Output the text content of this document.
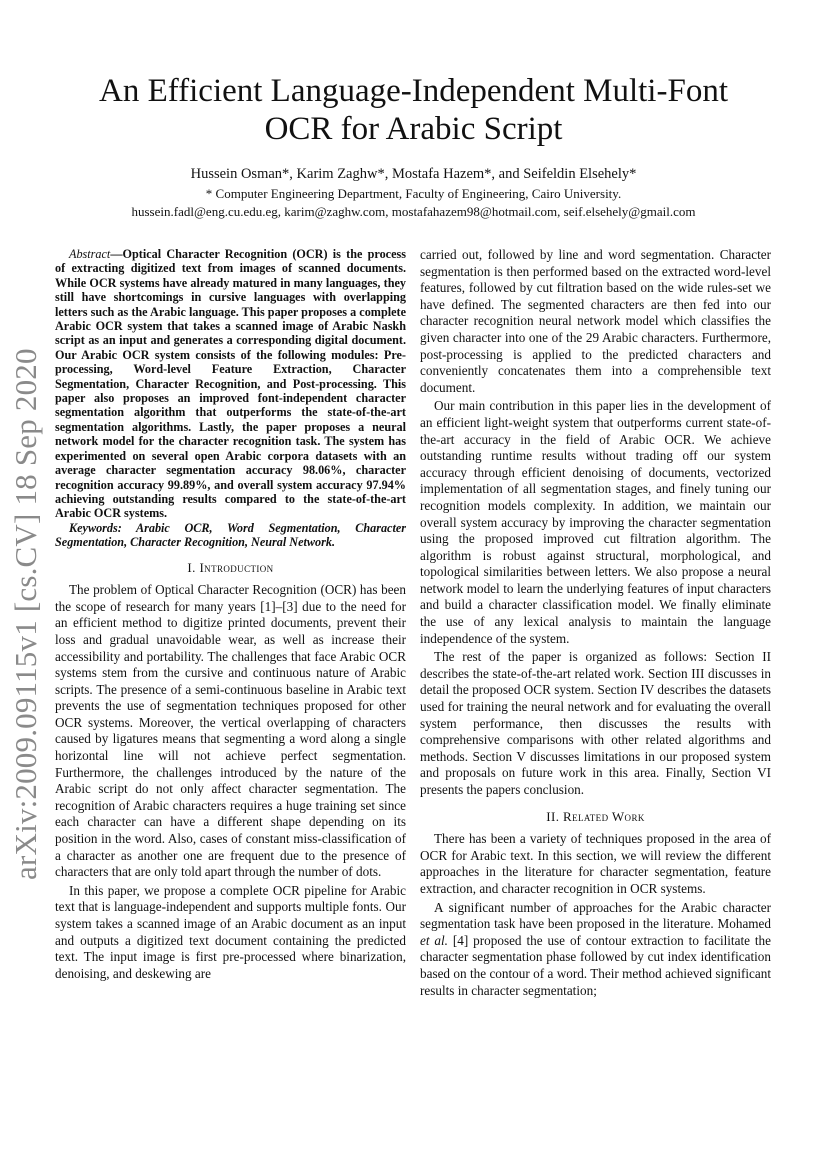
arXiv:2009.09115v1 [cs.CV] 18 Sep 2020
An Efficient Language-Independent Multi-Font
OCR for Arabic Script
Hussein Osman*, Karim Zaghw*, Mostafa Hazem*, and Seifeldin Elsehely*
* Computer Engineering Department, Faculty of Engineering, Cairo University.
hussein.fadl@eng.cu.edu.eg, karim@zaghw.com, mostafahazem98@hotmail.com, seif.elsehely@gmail.com

Abstract—Optical Character Recognition (OCR) is the process of extracting digitized text from images of scanned documents. While OCR systems have already matured in many languages, they still have shortcomings in cursive languages with overlapping letters such as the Arabic language. This paper proposes a complete Arabic OCR system that takes a scanned image of Arabic Naskh script as an input and generates a corresponding digital document. Our Arabic OCR system consists of the following modules: Pre-processing, Word-level Feature Extraction, Character Segmentation, Character Recognition, and Post-processing. This paper also proposes an improved font-independent character segmentation algorithm that outperforms the state-of-the-art segmentation algorithms. Lastly, the paper proposes a neural network model for the character recognition task. The system has experimented on several open Arabic corpora datasets with an average character segmentation accuracy 98.06%, character recognition accuracy 99.89%, and overall system accuracy 97.94% achieving outstanding results compared to the state-of-the-art Arabic OCR systems.

Keywords: Arabic OCR, Word Segmentation, Character Segmentation, Character Recognition, Neural Network.

I. Introduction

The problem of Optical Character Recognition (OCR) has been the scope of research for many years [1]–[3] due to the need for an efficient method to digitize printed documents, prevent their loss and gradual unavoidable wear, as well as increase their accessibility and portability. The challenges that face Arabic OCR systems stem from the cursive and continuous nature of Arabic scripts. The presence of a semi-continuous baseline in Arabic text prevents the use of segmentation techniques proposed for other OCR systems. Moreover, the vertical overlapping of characters caused by ligatures means that segmenting a word along a single horizontal line will not achieve perfect segmentation. Furthermore, the challenges introduced by the nature of the Arabic script do not only affect character segmentation. The recognition of Arabic characters requires a huge training set since each character can have a different shape depending on its position in the word. Also, cases of constant miss-classification of a character as another one are frequent due to the presence of characters that are only told apart through the number of dots.

In this paper, we propose a complete OCR pipeline for Arabic text that is language-independent and supports multiple fonts. Our system takes a scanned image of an Arabic document as an input and outputs a digitized text document containing the predicted text. The input image is first pre-processed where binarization, denoising, and deskewing are

carried out, followed by line and word segmentation. Character segmentation is then performed based on the extracted word-level features, followed by cut filtration based on the wide rules-set we have defined. The segmented characters are then fed into our character recognition neural network model which classifies the given character into one of the 29 Arabic characters. Furthermore, post-processing is applied to the predicted characters and conveniently concatenates them into a comprehensible text document.

Our main contribution in this paper lies in the development of an efficient light-weight system that outperforms current state-of-the-art accuracy in the field of Arabic OCR. We achieve outstanding runtime results without trading off our system accuracy through efficient denoising of documents, vectorized implementation of all segmentation stages, and finely tuning our recognition models complexity. In addition, we maintain our overall system accuracy by improving the character segmentation using the proposed improved cut filtration algorithm. The algorithm is robust against structural, morphological, and topological similarities between letters. We also propose a neural network model to learn the underlying features of input characters and build a character classification model. We finally eliminate the use of any lexical analysis to maintain the language independence of the system.

The rest of the paper is organized as follows: Section II describes the state-of-the-art related work. Section III discusses in detail the proposed OCR system. Section IV describes the datasets used for training the neural network and for evaluating the overall system performance, then discusses the results with comprehensive comparisons with other related algorithms and methods. Section V discusses limitations in our proposed system and proposals on future work in this area. Finally, Section VI presents the papers conclusion.

II. Related Work

There has been a variety of techniques proposed in the area of OCR for Arabic text. In this section, we will review the different approaches in the literature for character segmentation, feature extraction, and character recognition in OCR systems.

A significant number of approaches for the Arabic character segmentation task have been proposed in the literature. Mohamed et al. [4] proposed the use of contour extraction to facilitate the character segmentation phase followed by cut index identification based on the contour of a word. Their method achieved significant results in character segmentation;
